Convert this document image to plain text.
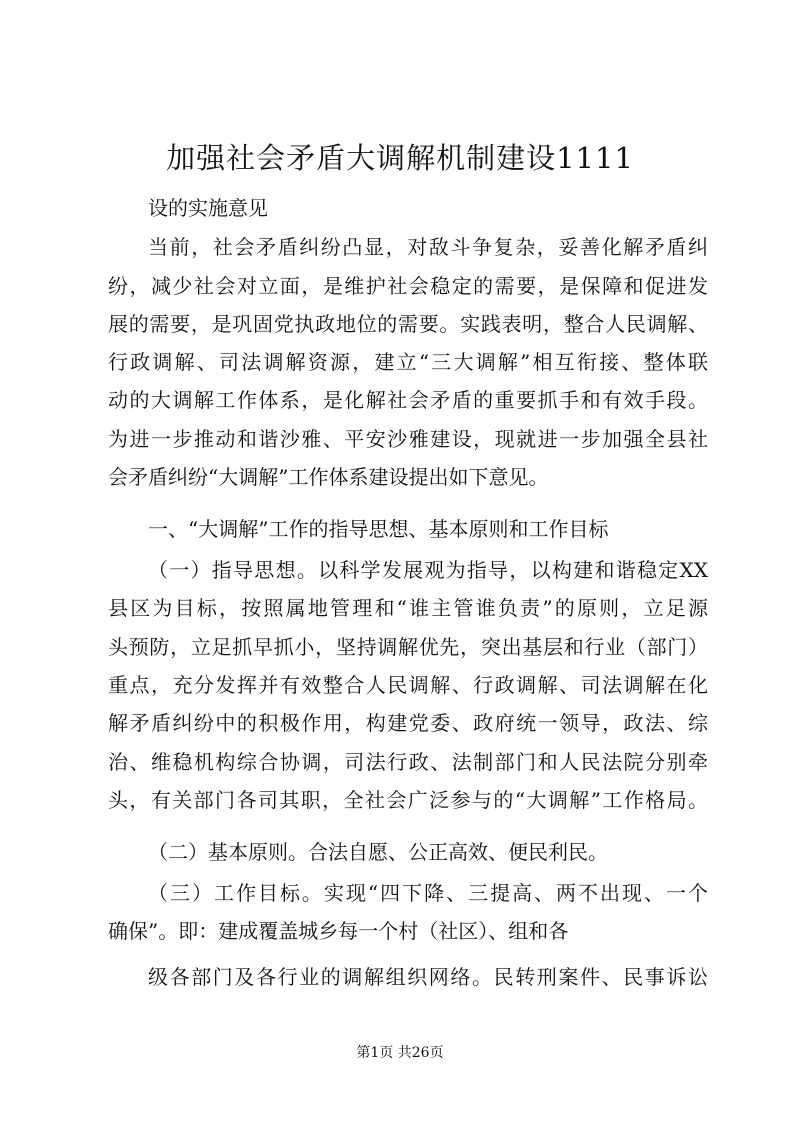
加强社会矛盾大调解机制建设1111
设的实施意见
当前，社会矛盾纠纷凸显，对敌斗争复杂，妥善化解矛盾纠
纷，减少社会对立面，是维护社会稳定的需要，是保障和促进发
展的需要，是巩固党执政地位的需要。实践表明，整合人民调解、
行政调解、司法调解资源，建立“三大调解”相互衔接、整体联
动的大调解工作体系，是化解社会矛盾的重要抓手和有效手段。
为进一步推动和谐沙雅、平安沙雅建设，现就进一步加强全县社
会矛盾纠纷“大调解”工作体系建设提出如下意见。
一、“大调解”工作的指导思想、基本原则和工作目标
（一）指导思想。以科学发展观为指导，以构建和谐稳定XX
县区为目标，按照属地管理和“谁主管谁负责”的原则，立足源
头预防，立足抓早抓小，坚持调解优先，突出基层和行业（部门）
重点，充分发挥并有效整合人民调解、行政调解、司法调解在化
解矛盾纠纷中的积极作用，构建党委、政府统一领导，政法、综
治、维稳机构综合协调，司法行政、法制部门和人民法院分别牵
头，有关部门各司其职，全社会广泛参与的“大调解”工作格局。
（二）基本原则。合法自愿、公正高效、便民利民。
（三）工作目标。实现“四下降、三提高、两不出现、一个
确保”。即：建成覆盖城乡每一个村（社区）、组和各
级各部门及各行业的调解组织网络。民转刑案件、民事诉讼
第1页 共26页
